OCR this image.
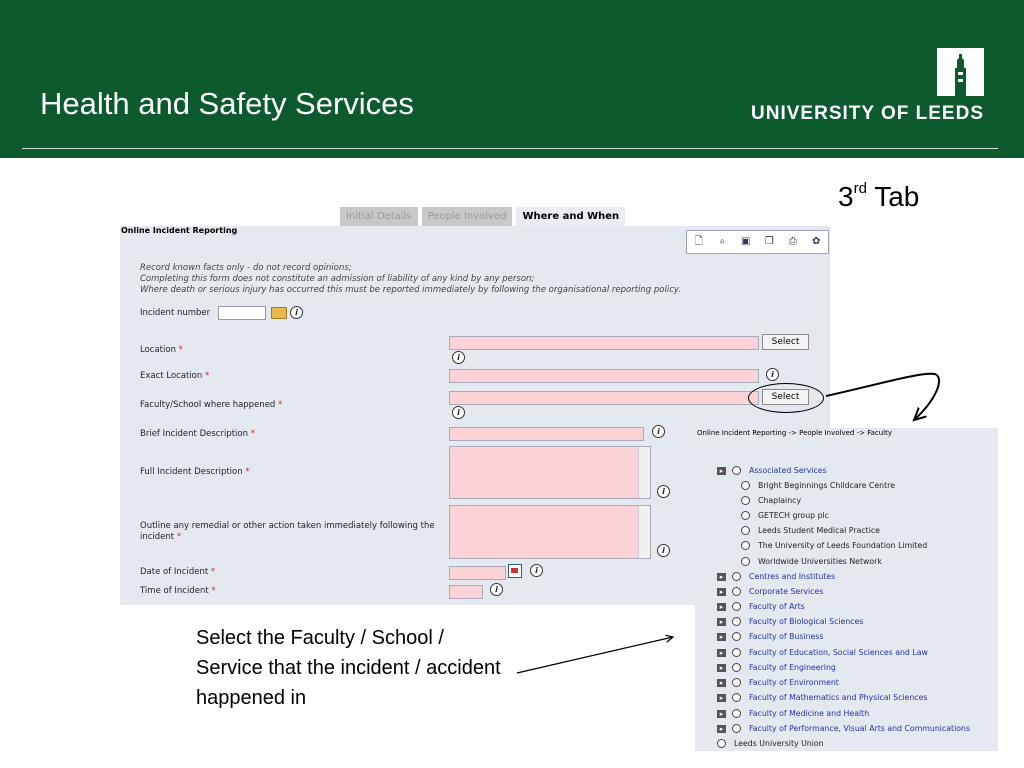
Health and Safety Services	UNIVERSITY OF LEEDS
3rd Tab
Initial Details	People Involved	Where and When
Online Incident Reporting
🗋	⌕	▣ ❐ ⎙ ✿
Record known facts only - do not record opinions;
Completing this form does not constitute an admission of liability of any kind by any person;
Where death or serious injury has occurred this must be reported immediately by following the organisational reporting policy.
Incident number	i
Location *
Select
i
Exact Location *	i
Faculty/School where happened *
Select
i
Brief Incident Description *	i
Full Incident Description *
i
Outline any remedial or other action taken immediately following the incident *
i
Date of Incident *	i
Time of Incident *	i
Online Incident Reporting -> People Involved -> Faculty
▸	Associated Services
Bright Beginnings Childcare Centre
Chaplaincy
GETECH group plc
Leeds Student Medical Practice
The University of Leeds Foundation Limited
Worldwide Universities Network
▸	Centres and Institutes
▸	Corporate Services
▸	Faculty of Arts
▸	Faculty of Biological Sciences
▸	Faculty of Business
▸	Faculty of Education, Social Sciences and Law
▸	Faculty of Engineering
▸	Faculty of Environment
▸	Faculty of Mathematics and Physical Sciences
▸	Faculty of Medicine and Health
▸	Faculty of Performance, Visual Arts and Communications
Leeds University Union
Select the Faculty / School / Service that the incident / accident happened in
